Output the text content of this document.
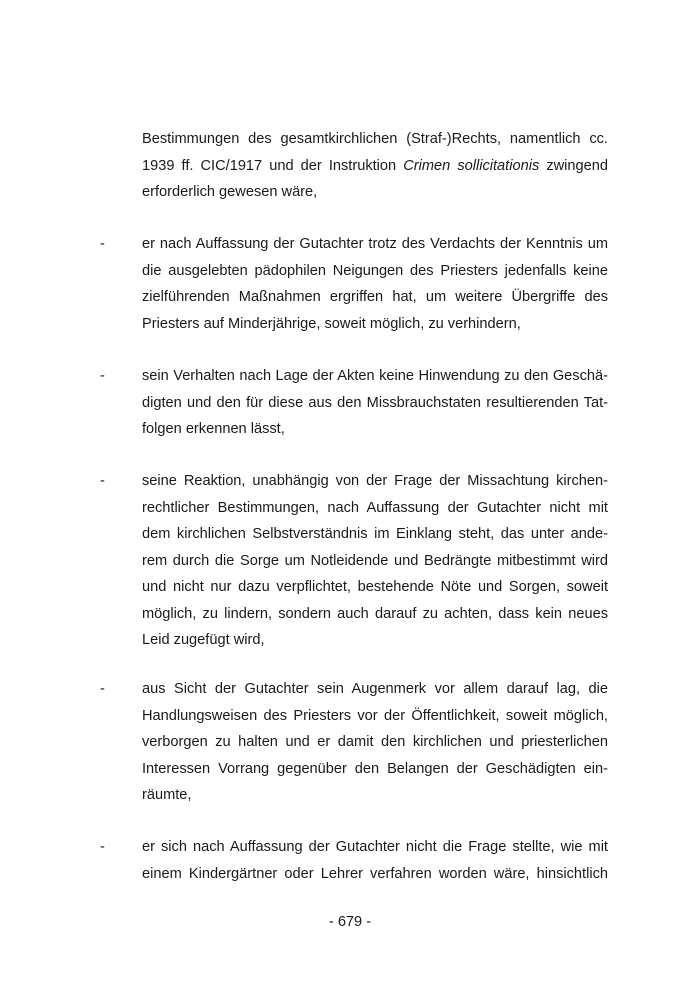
Bestimmungen des gesamtkirchlichen (Straf-)Rechts, namentlich cc.
1939 ff. CIC/1917 und der Instruktion Crimen sollicitationis zwingend
erforderlich gewesen wäre,
-	er nach Auffassung der Gutachter trotz des Verdachts der Kenntnis um
die ausgelebten pädophilen Neigungen des Priesters jedenfalls keine
zielführenden Maßnahmen ergriffen hat, um weitere Übergriffe des
Priesters auf Minderjährige, soweit möglich, zu verhindern,
-	sein Verhalten nach Lage der Akten keine Hinwendung zu den Geschä-
digten und den für diese aus den Missbrauchstaten resultierenden Tat-
folgen erkennen lässt,
-	seine Reaktion, unabhängig von der Frage der Missachtung kirchen-
rechtlicher Bestimmungen, nach Auffassung der Gutachter nicht mit
dem kirchlichen Selbstverständnis im Einklang steht, das unter ande-
rem durch die Sorge um Notleidende und Bedrängte mitbestimmt wird
und nicht nur dazu verpflichtet, bestehende Nöte und Sorgen, soweit
möglich, zu lindern, sondern auch darauf zu achten, dass kein neues
Leid zugefügt wird,
-	aus Sicht der Gutachter sein Augenmerk vor allem darauf lag, die
Handlungsweisen des Priesters vor der Öffentlichkeit, soweit möglich,
verborgen zu halten und er damit den kirchlichen und priesterlichen
Interessen Vorrang gegenüber den Belangen der Geschädigten ein-
räumte,
-	er sich nach Auffassung der Gutachter nicht die Frage stellte, wie mit
einem Kindergärtner oder Lehrer verfahren worden wäre, hinsichtlich
- 679 -
